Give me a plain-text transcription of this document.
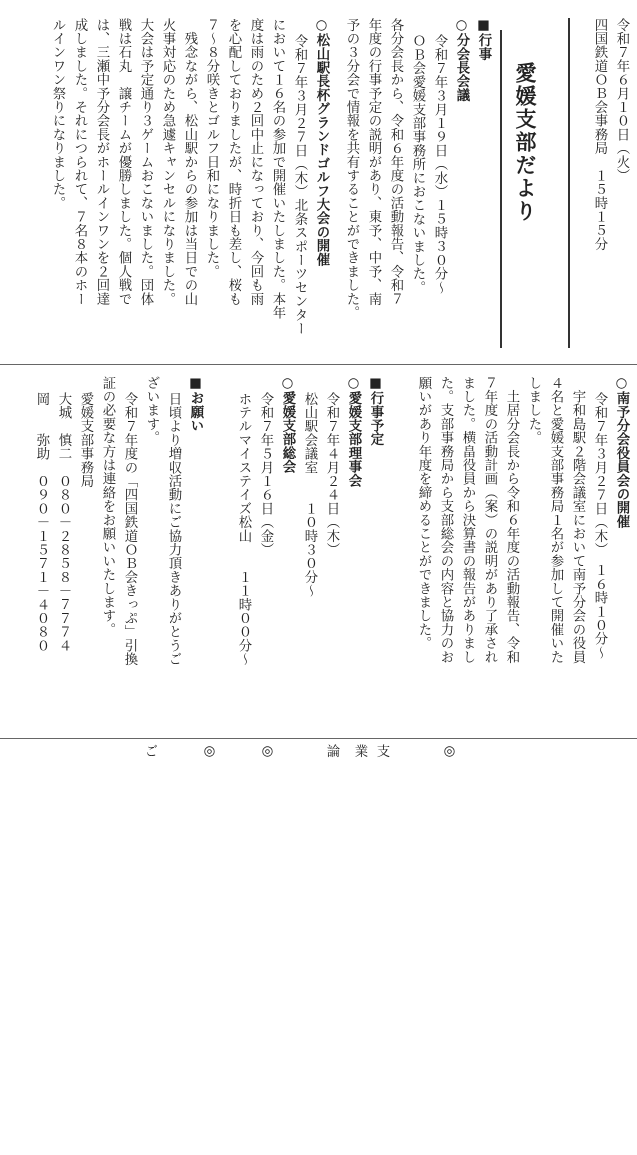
令和７年６月１０日（火）
四国鉄道ＯＢ会事務局　１５時１５分
愛媛支部だより
■行事
○分会長会議
令和７年３月１９日（水）１５時３０分～
ＯＢ会愛媛支部事務所におこないました。
各分会長から、令和６年度の活動報告、令和７
年度の行事予定の説明があり、東予、中予、南
予の３分会で情報を共有することができました。
○松山駅長杯グランドゴルフ大会の開催
令和７年３月２７日（木）北条スポーツセンター
において１６名の参加で開催いたしました。本年
度は雨のため２回中止になっており、今回も雨
を心配しておりましたが、時折日も差し、桜も
７～８分咲きとゴルフ日和になりました。
　残念ながら、松山駅からの参加は当日での山
火事対応のため急遽キャンセルになりました。
大会は予定通り３ゲームおこないました。団体
戦は石丸　譲チームが優勝しました。個人戦で
は、三瀬中予分会長がホールインワンを２回達
成しました。それにつられて、７名８本のホー
ルインワン祭りになりました。
○南予分会役員会の開催
令和７年３月２７日（木）　１６時１０分～
　宇和島駅２階会議室において南予分会の役員
４名と愛媛支部事務局１名が参加して開催いた
しました。
　土居分会長から令和６年度の活動報告、令和
７年度の活動計画（案）の説明があり了承され
ました。横畠役員から決算書の報告がありまし
た。支部事務局から支部総会の内容と協力のお
願いがあり年度を締めることができました。
■行事予定
○愛媛支部理事会
令和７年４月２４日（木）
松山駅会議室　　１０時３０分～
○愛媛支部総会
令和７年５月１６日（金）
ホテルマイステイズ松山　　１１時００分～
■お願い
日頃より増収活動にご協力頂きありがとうご
ざいます。
令和７年度の「四国鉄道ＯＢ会きっぷ」引換
証の必要な方は連絡をお願いいたします。
愛媛支部事務局
大城　慎二　０８０－２８５８－７７７４
岡　　弥助　０９０－１５７１－４０８０
支
業
論
◎
◎
ご	◎
